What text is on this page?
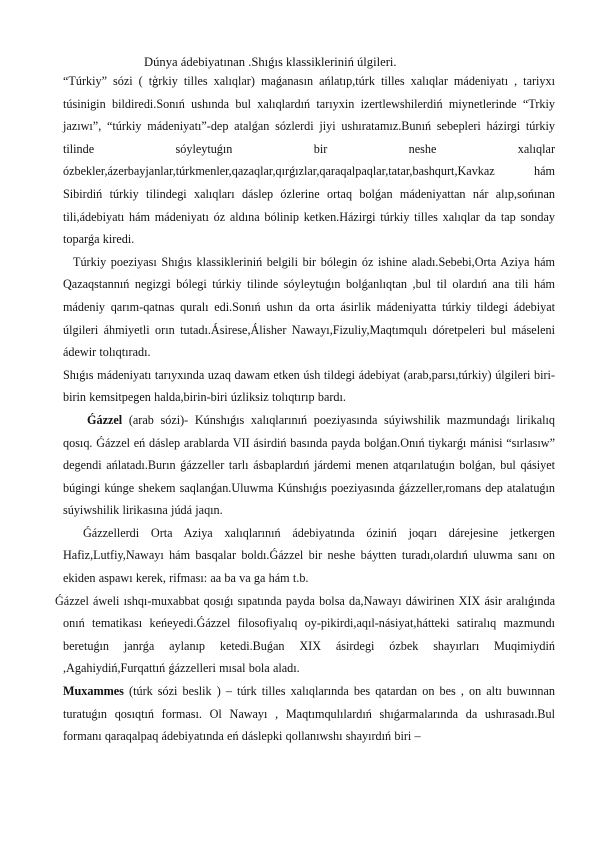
Dúnya ádebiyatınan .Shıǵıs klassikleriniń úlgileri.

“Túrkiy” sózi ( tģrkiy tilles xalıqlar) maǵanasın ańlatıp,túrk tilles xalıqlar mádeniyatı , tariyxı túsinigin bildiredi.Sonıń ushında bul xalıqlardıń tarıyxin izertlewshilerdiń miynetlerinde “Trkiy jazıwı”, “túrkiy mádeniyatı”-dep atalǵan sózlerdi jiyi ushıratamız.Bunıń sebepleri házirgi túrkiy tilinde sóyleytuǵın bir neshe xalıqlar ózbekler,ázerbayjanlar,túrkmenler,qazaqlar,qırǵızlar,qaraqalpaqlar,tatar,bashqurt,Kavkaz hám Sibirdiń túrkiy tilindegi xalıqları dáslep ózlerine ortaq bolǵan mádeniyattan nár alıp,sońınan tili,ádebiyatı hám mádeniyatı óz aldına bólinip ketken.Házirgi túrkiy tilles xalıqlar da tap sonday toparǵa kiredi.

Túrkiy poeziyası Shıǵıs klassikleriniń belgili bir bólegin óz ishine aladı.Sebebi,Orta Aziya hám Qazaqstannıń negizgi bólegi túrkiy tilinde sóyleytuǵın bolǵanlıqtan ,bul til olardıń ana tili hám mádeniy qarım-qatnas quralı edi.Sonıń ushın da orta ásirlik mádeniyatta túrkiy tildegi ádebiyat úlgileri áhmiyetli orın tutadı.Ásirese,Álisher Nawayı,Fizuliy,Maqtımqulı dóretpeleri bul máseleni ádewir tolıqtıradı.

Shıǵıs mádeniyatı tarıyxında uzaq dawam etken úsh tildegi ádebiyat (arab,parsı,túrkiy) úlgileri biri-birin kemsitpegen halda,birin-biri úzliksiz tolıqtırıp bardı.

Ǵázzel (arab sózi)- Kúnshıǵıs xalıqlarınıń poeziyasında súyiwshilik mazmundaǵı lirikalıq qosıq. Ǵázzel eń dáslep arablarda VII ásirdiń basında payda bolǵan.Onıń tiykarǵı mánisi “sırlasıw” degendi ańlatadı.Burın ǵázzeller tarlı ásbaplardıń járdemi menen atqarılatuǵın bolǵan, bul qásiyet búgingi kúnge shekem saqlanǵan.Uluwma Kúnshıǵıs poeziyasında ǵázzeller,romans dep atalatuǵın súyiwshilik lirikasına júdá jaqın.

Ǵázzellerdi Orta Aziya xalıqlarınıń ádebiyatında óziniń joqarı dárejesine jetkergen Hafiz,Lutfiy,Nawayı hám basqalar boldı.Ǵázzel bir neshe báytten turadı,olardıń uluwma sanı on ekiden aspawı kerek, rifması: aa ba va ga hám t.b.

Ǵázzel áweli ıshqı-muxabbat qosıǵı sıpatında payda bolsa da,Nawayı dáwirinen XIX ásir aralıǵında onıń tematikası keńeyedi.Ǵázzel filosofiyalıq oy-pikirdi,aqıl-násiyat,hátteki satiralıq mazmundı beretuǵın janrǵa aylanıp ketedi.Buǵan XIX ásirdegi ózbek shayırları Muqimiydiń ,Agahiydiń,Furqattıń ǵázzelleri mısal bola aladı.

Muxammes (túrk sózi beslik ) – túrk tilles xalıqlarında bes qatardan on bes , on altı buwınnan turatuǵın qosıqtıń forması. Ol Nawayı , Maqtımqulılardıń shıǵarmalarında da ushırasadı.Bul formanı qaraqalpaq ádebiyatında eń dáslepki qollanıwshı shayırdıń biri –
